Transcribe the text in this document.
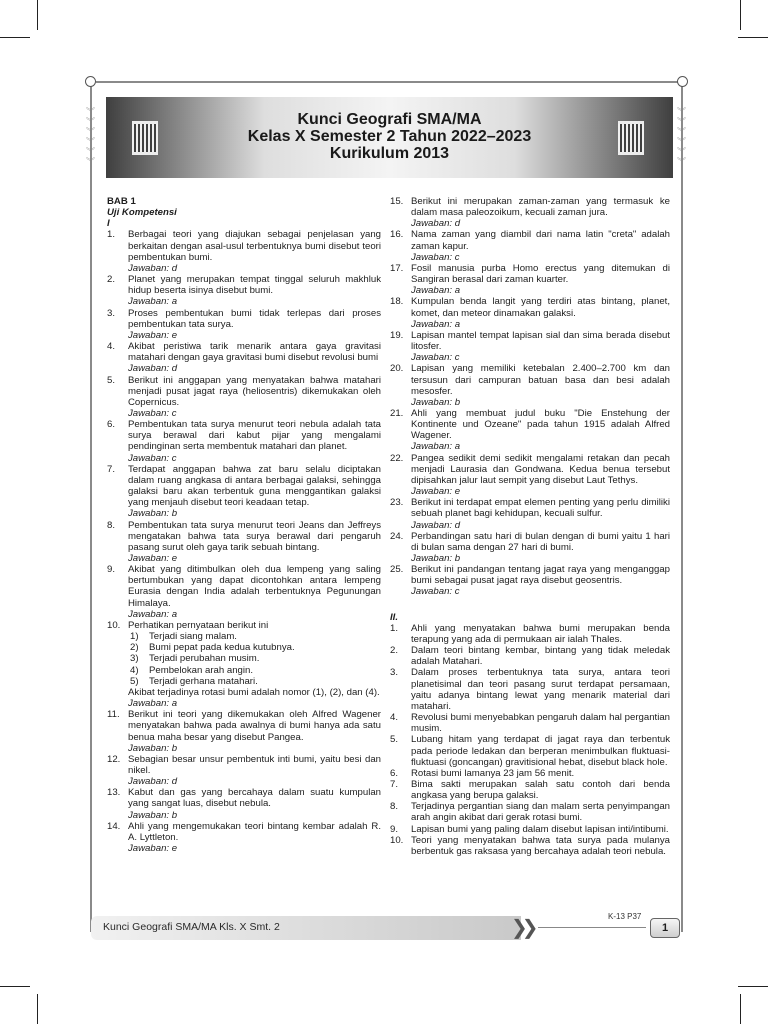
︾
︾
︾
︾
︾
︾
︾
︾
︾
︾
︾
︾
Kunci Geografi SMA/MA
Kelas X Semester 2 Tahun 2022–2023
Kurikulum 2013

BAB 1

Uji Kompetensi

I

1. Berbagai teori yang diajukan sebagai penjelasan yang berkaitan dengan asal-usul terbentuknya bumi disebut teori pembentukan bumi.
Jawaban: d
2. Planet yang merupakan tempat tinggal seluruh makhluk hidup beserta isinya disebut bumi.
Jawaban: a
3. Proses pembentukan bumi tidak terlepas dari proses pembentukan tata surya.
Jawaban: e
4. Akibat peristiwa tarik menarik antara gaya gravitasi matahari dengan gaya gravitasi bumi disebut revolusi bumi
Jawaban: d
5. Berikut ini anggapan yang menyatakan bahwa matahari menjadi pusat jagat raya (heliosentris) dikemukakan oleh Copernicus.
Jawaban: c
6. Pembentukan tata surya menurut teori nebula adalah tata surya berawal dari kabut pijar yang mengalami pendinginan serta membentuk matahari dan planet.
Jawaban: c
7. Terdapat anggapan bahwa zat baru selalu diciptakan dalam ruang angkasa di antara berbagai galaksi, sehingga galaksi baru akan terbentuk guna menggantikan galaksi yang menjauh disebut teori keadaan tetap.
Jawaban: b
8. Pembentukan tata surya menurut teori Jeans dan Jeffreys mengatakan bahwa tata surya berawal dari pengaruh pasang surut oleh gaya tarik sebuah bintang.
Jawaban: e
9. Akibat yang ditimbulkan oleh dua lempeng yang saling bertumbukan yang dapat dicontohkan antara lempeng Eurasia dengan India adalah terbentuknya Pegunungan Himalaya.
Jawaban: a
10. Perhatikan pernyataan berikut ini
1) Terjadi siang malam.
2) Bumi pepat pada kedua kutubnya.
3) Terjadi perubahan musim.
4) Pembelokan arah angin.
5) Terjadi gerhana matahari.
Akibat terjadinya rotasi bumi adalah nomor (1), (2), dan (4).
Jawaban: a
11. Berikut ini teori yang dikemukakan oleh Alfred Wagener menyatakan bahwa pada awalnya di bumi hanya ada satu benua maha besar yang disebut Pangea.
Jawaban: b
12. Sebagian besar unsur pembentuk inti bumi, yaitu besi dan nikel.
Jawaban: d
13. Kabut dan gas yang bercahaya dalam suatu kumpulan yang sangat luas, disebut nebula.
Jawaban: b
14. Ahli yang mengemukakan teori bintang kembar adalah R. A. Lyttleton.
Jawaban: e
15. Berikut ini merupakan zaman-zaman yang termasuk ke dalam masa paleozoikum, kecuali zaman jura.
Jawaban: d
16. Nama zaman yang diambil dari nama latin "creta" adalah zaman kapur.
Jawaban: c
17. Fosil manusia purba Homo erectus yang ditemukan di Sangiran berasal dari zaman kuarter.
Jawaban: a
18. Kumpulan benda langit yang terdiri atas bintang, planet, komet, dan meteor dinamakan galaksi.
Jawaban: a
19. Lapisan mantel tempat lapisan sial dan sima berada disebut litosfer.
Jawaban: c
20. Lapisan yang memiliki ketebalan 2.400–2.700 km dan tersusun dari campuran batuan basa dan besi adalah mesosfer.
Jawaban: b
21. Ahli yang membuat judul buku "Die Enstehung der Kontinente und Ozeane" pada tahun 1915 adalah Alfred Wagener.
Jawaban: a
22. Pangea sedikit demi sedikit mengalami retakan dan pecah menjadi Laurasia dan Gondwana. Kedua benua tersebut dipisahkan jalur laut sempit yang disebut Laut Tethys.
Jawaban: e
23. Berikut ini terdapat empat elemen penting yang perlu dimiliki sebuah planet bagi kehidupan, kecuali sulfur.
Jawaban: d
24. Perbandingan satu hari di bulan dengan di bumi yaitu 1 hari di bulan sama dengan 27 hari di bumi.
Jawaban: b
25. Berikut ini pandangan tentang jagat raya yang menganggap bumi sebagai pusat jagat raya disebut geosentris.
Jawaban: c

II.

1. Ahli yang menyatakan bahwa bumi merupakan benda terapung yang ada di permukaan air ialah Thales.
2. Dalam teori bintang kembar, bintang yang tidak meledak adalah Matahari.
3. Dalam proses terbentuknya tata surya, antara teori planetisimal dan teori pasang surut terdapat persamaan, yaitu adanya bintang lewat yang menarik material dari matahari.
4. Revolusi bumi menyebabkan pengaruh dalam hal pergantian musim.
5. Lubang hitam yang terdapat di jagat raya dan terbentuk pada periode ledakan dan berperan menimbulkan fluktuasi-fluktuasi (goncangan) gravitisional hebat, disebut black hole.
6. Rotasi bumi lamanya 23 jam 56 menit.
7. Bima sakti merupakan salah satu contoh dari benda angkasa yang berupa galaksi.
8. Terjadinya pergantian siang dan malam serta penyimpangan arah angin akibat dari gerak rotasi bumi.
9. Lapisan bumi yang paling dalam disebut lapisan inti/intibumi.
10. Teori yang menyatakan bahwa tata surya pada mulanya berbentuk gas raksasa yang bercahaya adalah teori nebula.
Kunci Geografi SMA/MA Kls. X Smt. 2	❯❯	K-13 P37
1
